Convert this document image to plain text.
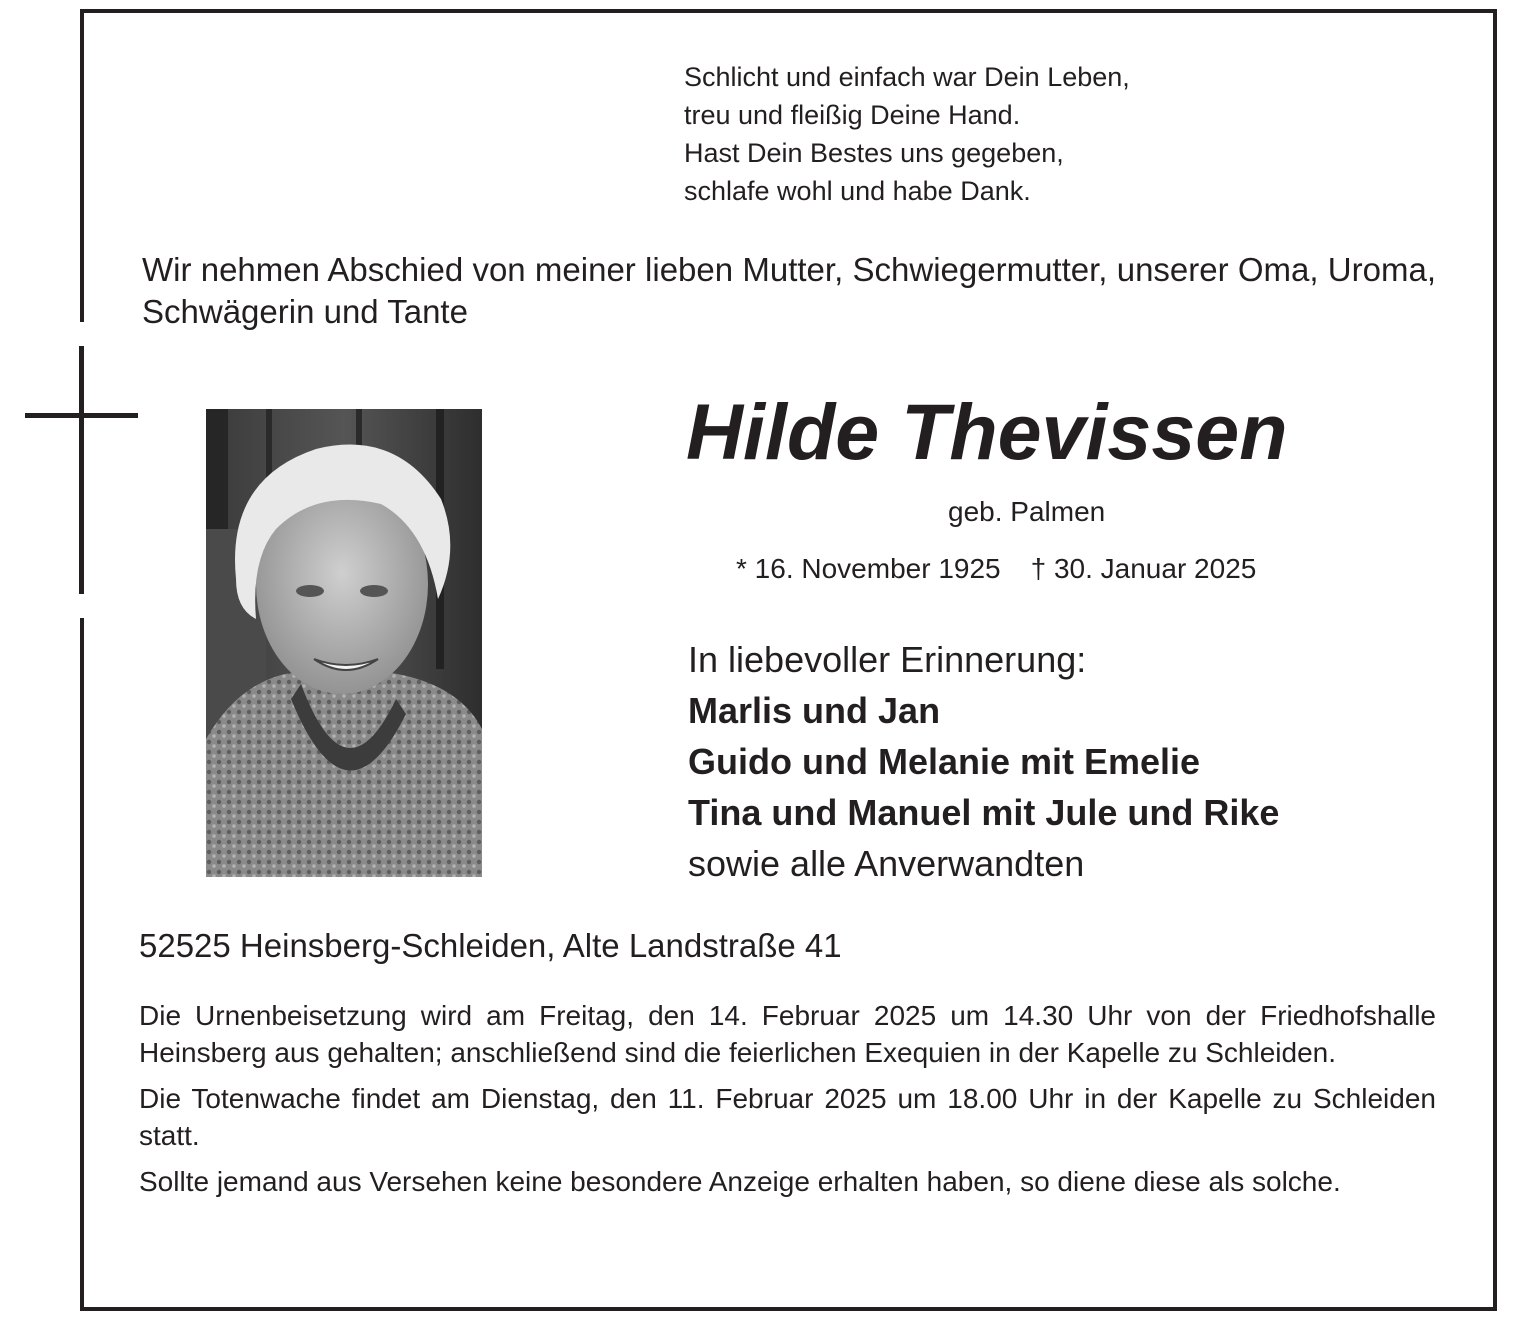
Schlicht und einfach war Dein Leben,
treu und fleißig Deine Hand.
Hast Dein Bestes uns gegeben,
schlafe wohl und habe Dank.
Wir nehmen Abschied von meiner lieben Mutter, Schwiegermutter, unserer Oma, Uroma, Schwägerin und Tante
Hilde Thevissen
geb. Palmen
* 16. November 1925 † 30. Januar 2025
In liebevoller Erinnerung:
Marlis und Jan
Guido und Melanie mit Emelie
Tina und Manuel mit Jule und Rike
sowie alle Anverwandten
52525 Heinsberg-Schleiden, Alte Landstraße 41

Die Urnenbeisetzung wird am Freitag, den 14. Februar 2025 um 14.30 Uhr von der Friedhofshalle Heinsberg aus gehalten; anschließend sind die feierlichen Exequien in der Kapelle zu Schleiden.

Die Totenwache findet am Dienstag, den 11. Februar 2025 um 18.00 Uhr in der Kapelle zu Schleiden statt.

Sollte jemand aus Versehen keine besondere Anzeige erhalten haben, so diene diese als solche.
